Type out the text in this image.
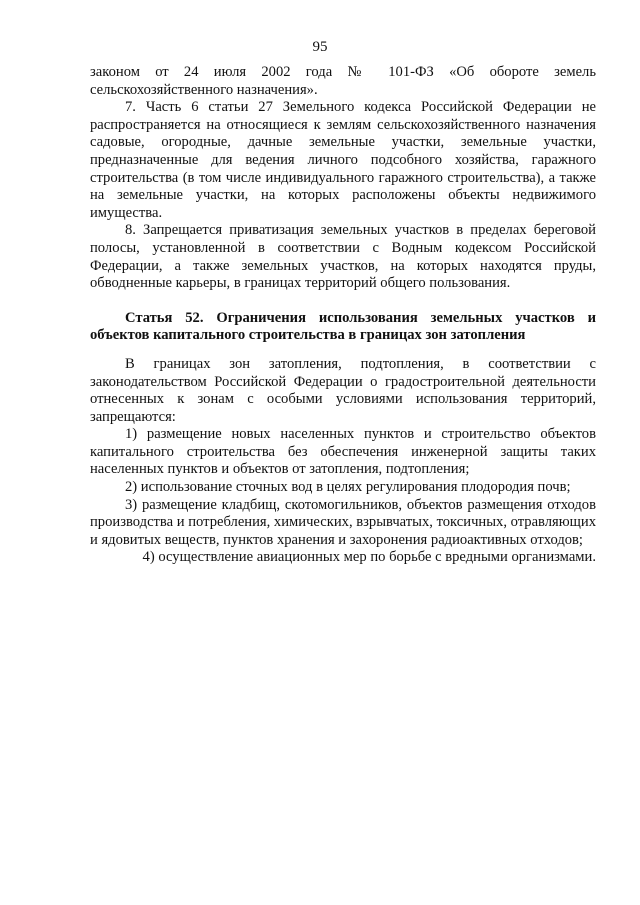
95

законом от 24 июля 2002 года № 101-ФЗ «Об обороте земель сельскохозяйственного назначения».

7. Часть 6 статьи 27 Земельного кодекса Российской Федерации не распространяется на относящиеся к землям сельскохозяйственного назначения садовые, огородные, дачные земельные участки, земельные участки, предназначенные для ведения личного подсобного хозяйства, гаражного строительства (в том числе индивидуального гаражного строительства), а также на земельные участки, на которых расположены объекты недвижимого имущества.

8. Запрещается приватизация земельных участков в пределах береговой полосы, установленной в соответствии с Водным кодексом Российской Федерации, а также земельных участков, на которых находятся пруды, обводненные карьеры, в границах территорий общего пользования.

Статья 52. Ограничения использования земельных участков и объектов капитального строительства в границах зон затопления

В границах зон затопления, подтопления, в соответствии с законодательством Российской Федерации о градостроительной деятельности отнесенных к зонам с особыми условиями использования территорий, запрещаются:

1) размещение новых населенных пунктов и строительство объектов капитального строительства без обеспечения инженерной защиты таких населенных пунктов и объектов от затопления, подтопления;

2) использование сточных вод в целях регулирования плодородия почв;

3) размещение кладбищ, скотомогильников, объектов размещения отходов производства и потребления, химических, взрывчатых, токсичных, отравляющих и ядовитых веществ, пунктов хранения и захоронения радиоактивных отходов;

4) осуществление авиационных мер по борьбе с вредными организмами.
